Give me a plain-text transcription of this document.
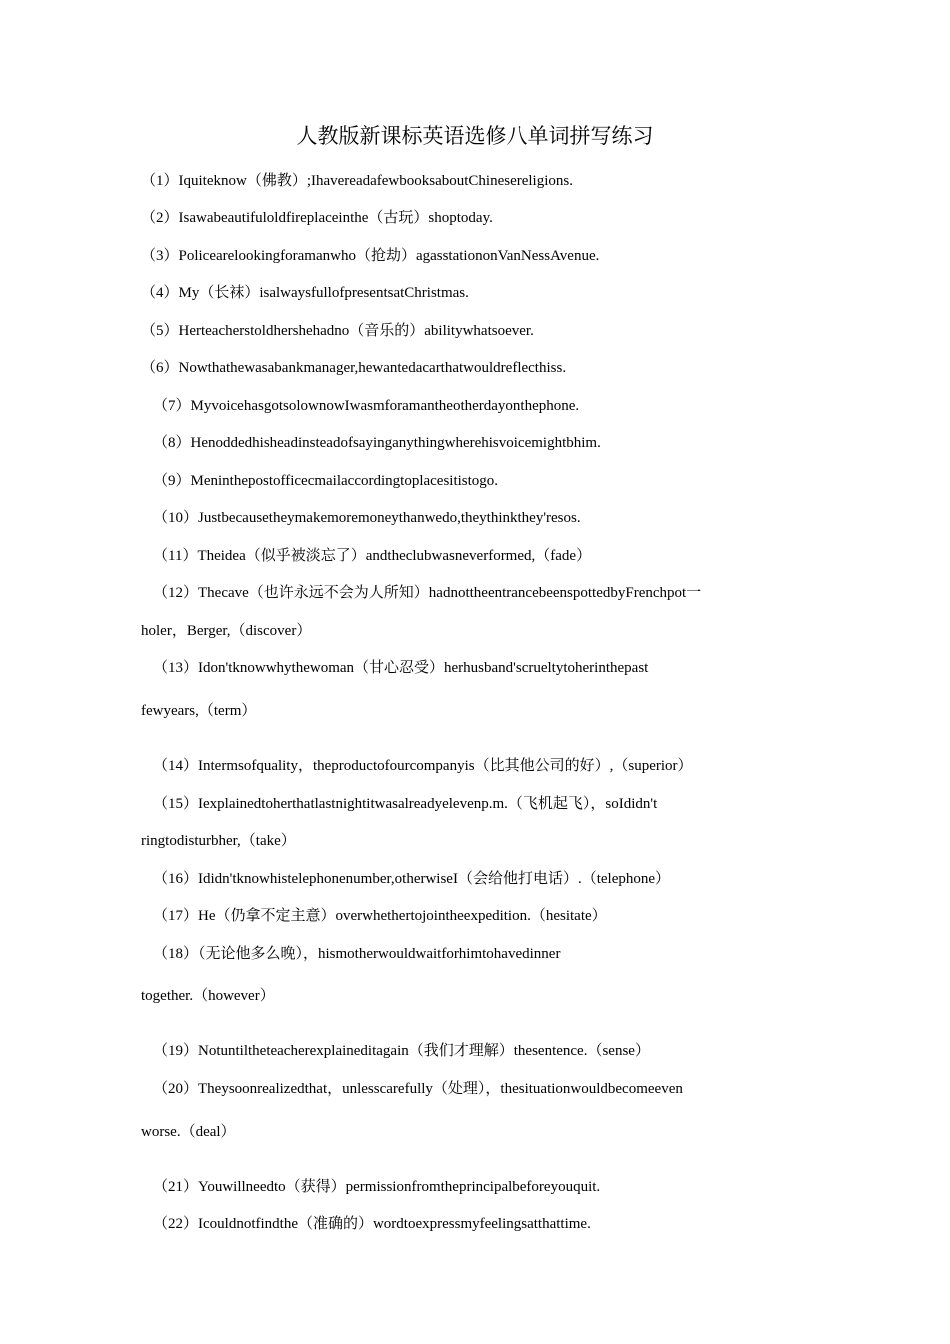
人教版新课标英语选修八单词拼写练习
（1）Iquiteknow（佛教）;IhavereadafewbooksaboutChinesereligions.
（2）Isawabeautifuloldfireplaceinthe（古玩）shoptoday.
（3）Policearelookingforamanwho（抢劫）agasstationonVanNessAvenue.
（4）My（长袜）isalwaysfullofpresentsatChristmas.
（5）Herteacherstoldhershehadno（音乐的）abilitywhatsoever.
（6）Nowthathewasabankmanager,hewantedacarthatwouldreflecthiss.
（7）MyvoicehasgotsolownowIwasmforamantheotherdayonthephone.
（8）Henoddedhisheadinsteadofsayinganythingwherehisvoicemightbhim.
（9）Meninthepostofficecmailaccordingtoplacesitistogo.
（10）Justbecausetheymakemoremoneythanwedo,theythinkthey'resos.
（11）Theidea（似乎被淡忘了）andtheclubwasneverformed,（fade）
（12）Thecave（也许永远不会为人所知）hadnottheentrancebeenspottedbyFrenchpot一
holer，Berger,（discover）
（13）Idon'tknowwhythewoman（甘心忍受）herhusband'scrueltytoherinthepast
fewyears,（term）
（14）Intermsofquality，theproductofourcompanyis（比其他公司的好）,（superior）
（15）Iexplainedtoherthatlastnightitwasalreadyelevenp.m.（飞机起飞），soIdidn't
ringtodisturbher,（take）
（16）Ididn'tknowhistelephonenumber,otherwiseI（会给他打电话）.（telephone）
（17）He（仍拿不定主意）overwhethertojointheexpedition.（hesitate）
（18）（无论他多么晚），hismotherwouldwaitforhimtohavedinner
together.（however）
（19）Notuntiltheteacherexplaineditagain（我们才理解）thesentence.（sense）
（20）Theysoonrealizedthat，unlesscarefully（处理），thesituationwouldbecomeeven
worse.（deal）
（21）Youwillneedto（获得）permissionfromtheprincipalbeforeyouquit.
（22）Icouldnotfindthe（准确的）wordtoexpressmyfeelingsatthattime.
